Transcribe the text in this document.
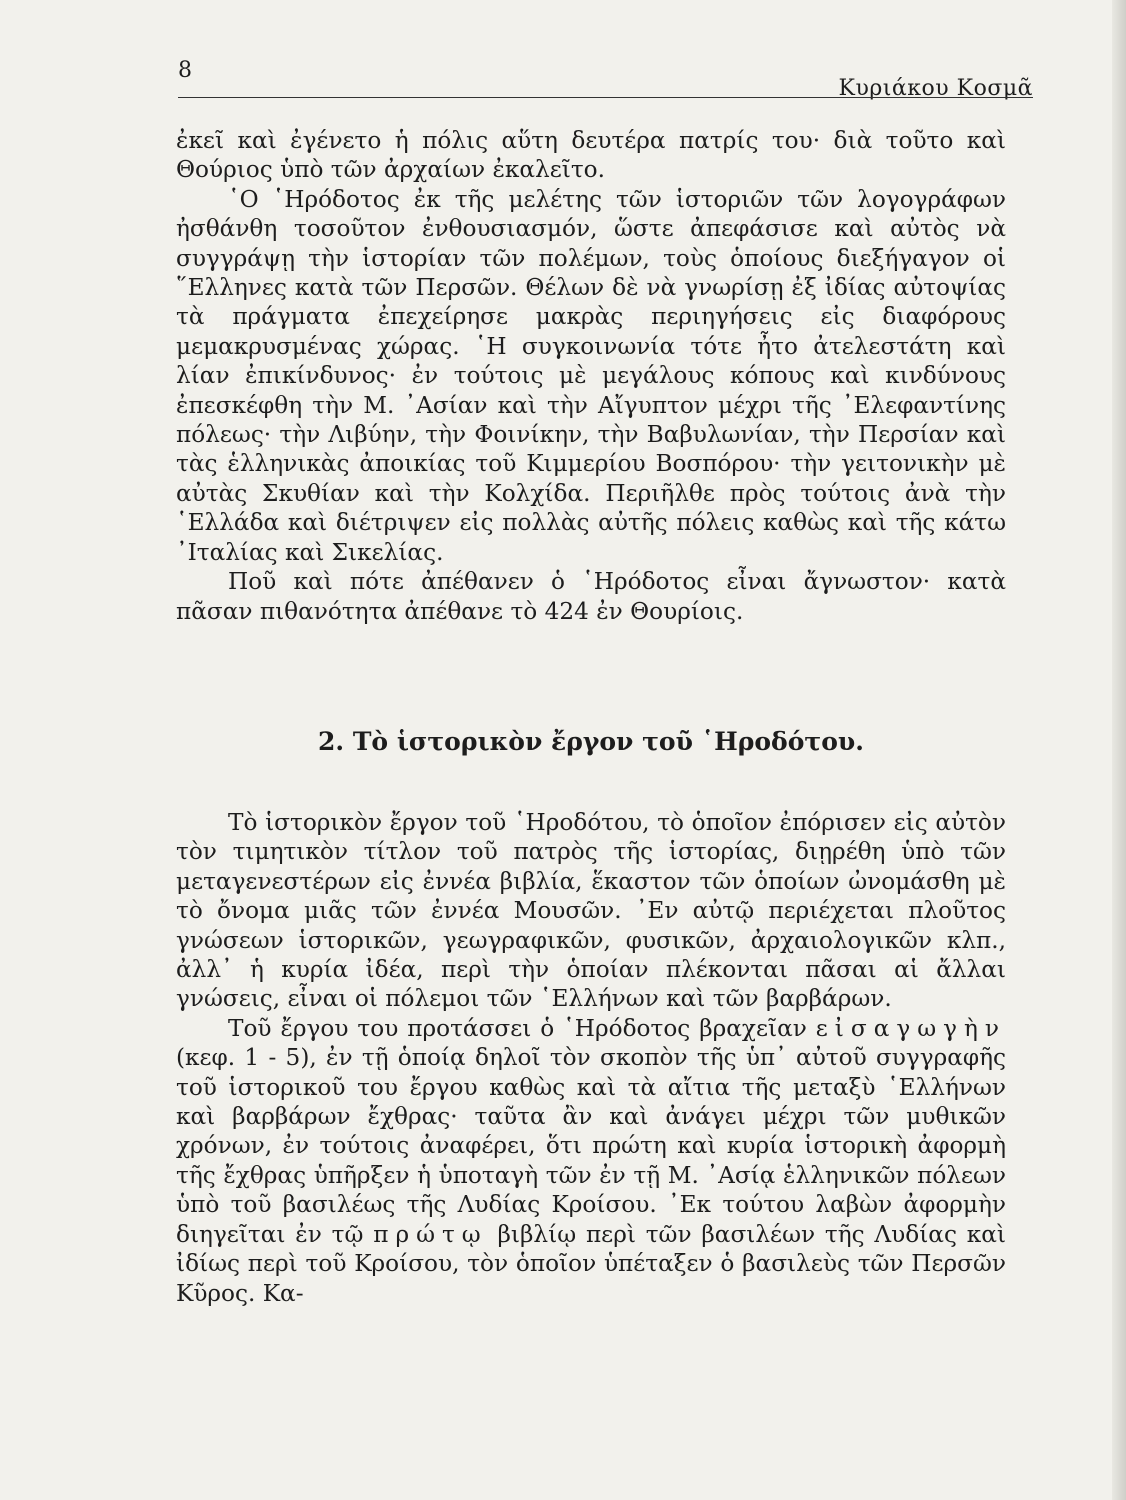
8
Κυριάκου Κοσμᾶ

ἐκεῖ καὶ ἐγένετο ἡ πόλις αὕτη δευτέρα πατρίς του· διὰ τοῦτο καὶ Θούριος ὑπὸ τῶν ἀρχαίων ἐκαλεῖτο.

῾Ο ῾Ηρόδοτος ἐκ τῆς μελέτης τῶν ἱστοριῶν τῶν λογογράφων ἠσθάνθη τοσοῦτον ἐνθουσιασμόν, ὥστε ἀπεφάσισε καὶ αὐτὸς νὰ συγγράψῃ τὴν ἱστορίαν τῶν πολέμων, τοὺς ὁποίους διεξήγαγον οἱ ῞Ελληνες κατὰ τῶν Περσῶν. Θέλων δὲ νὰ γνωρίσῃ ἐξ ἰδίας αὐτοψίας τὰ πράγματα ἐπεχείρησε μακρὰς περιηγήσεις εἰς διαφόρους μεμακρυσμένας χώρας. ῾Η συγκοινωνία τότε ἦτο ἀτελεστάτη καὶ λίαν ἐπικίνδυνος· ἐν τούτοις μὲ μεγάλους κόπους καὶ κινδύνους ἐπεσκέφθη τὴν Μ. ᾿Ασίαν καὶ τὴν Αἴγυπτον μέχρι τῆς ᾿Ελεφαντίνης πόλεως· τὴν Λιβύην, τὴν Φοινίκην, τὴν Βαβυλωνίαν, τὴν Περσίαν καὶ τὰς ἑλληνικὰς ἀποικίας τοῦ Κιμμερίου Βοσπόρου· τὴν γειτονικὴν μὲ αὐτὰς Σκυθίαν καὶ τὴν Κολχίδα. Περιῆλθε πρὸς τούτοις ἀνὰ τὴν ῾Ελλάδα καὶ διέτριψεν εἰς πολλὰς αὐτῆς πόλεις καθὼς καὶ τῆς κάτω ᾿Ιταλίας καὶ Σικελίας.

Ποῦ καὶ πότε ἀπέθανεν ὁ ῾Ηρόδοτος εἶναι ἄγνωστον· κατὰ πᾶσαν πιθανότητα ἀπέθανε τὸ 424 ἐν Θουρίοις.

2. Τὸ ἱστορικὸν ἔργον τοῦ ῾Ηροδότου.

Τὸ ἱστορικὸν ἔργον τοῦ ῾Ηροδότου, τὸ ὁποῖον ἐπόρισεν εἰς αὐτὸν τὸν τιμητικὸν τίτλον τοῦ πατρὸς τῆς ἱστορίας, διῃρέθη ὑπὸ τῶν μεταγενεστέρων εἰς ἐννέα βιβλία, ἕκαστον τῶν ὁποίων ὠνομάσθη μὲ τὸ ὄνομα μιᾶς τῶν ἐννέα Μουσῶν. ᾿Εν αὐτῷ περιέχεται πλοῦτος γνώσεων ἱστορικῶν, γεωγραφικῶν, φυσικῶν, ἀρχαιολογικῶν κλπ., ἀλλ᾿ ἡ κυρία ἰδέα, περὶ τὴν ὁποίαν πλέκονται πᾶσαι αἱ ἄλλαι γνώσεις, εἶναι οἱ πόλεμοι τῶν ῾Ελλήνων καὶ τῶν βαρβάρων.

Τοῦ ἔργου του προτάσσει ὁ ῾Ηρόδοτος βραχεῖαν εἰσαγωγὴν (κεφ. 1 - 5), ἐν τῇ ὁποίᾳ δηλοῖ τὸν σκοπὸν τῆς ὑπ᾿ αὐτοῦ συγγραφῆς τοῦ ἱστορικοῦ του ἔργου καθὼς καὶ τὰ αἴτια τῆς μεταξὺ ῾Ελλήνων καὶ βαρβάρων ἔχθρας· ταῦτα ἂν καὶ ἀνάγει μέχρι τῶν μυθικῶν χρόνων, ἐν τούτοις ἀναφέρει, ὅτι πρώτη καὶ κυρία ἱστορικὴ ἀφορμὴ τῆς ἔχθρας ὑπῆρξεν ἡ ὑποταγὴ τῶν ἐν τῇ Μ. ᾿Ασίᾳ ἑλληνικῶν πόλεων ὑπὸ τοῦ βασιλέως τῆς Λυδίας Κροίσου. ᾿Εκ τούτου λαβὼν ἀφορμὴν διηγεῖται ἐν τῷ πρώτῳ βιβλίῳ περὶ τῶν βασιλέων τῆς Λυδίας καὶ ἰδίως περὶ τοῦ Κροίσου, τὸν ὁποῖον ὑπέταξεν ὁ βασιλεὺς τῶν Περσῶν Κῦρος. Κα-
